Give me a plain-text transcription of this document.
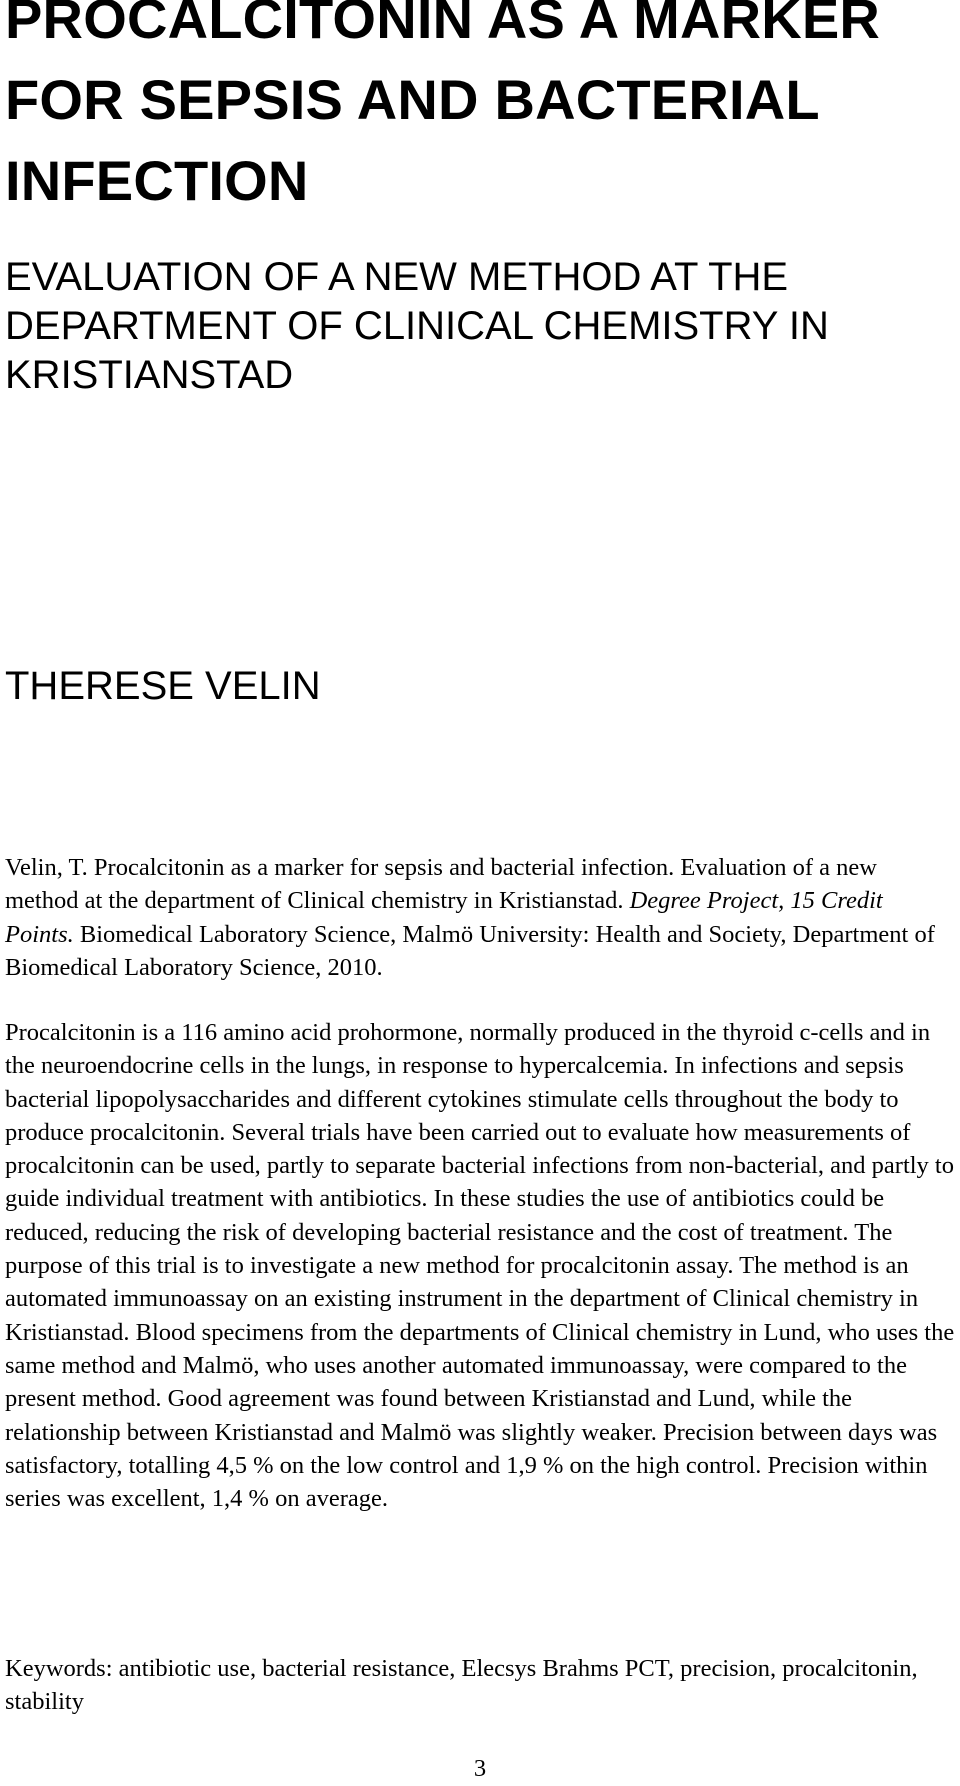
PROCALCITONIN AS A MARKER FOR SEPSIS AND BACTERIAL INFECTION
EVALUATION OF A NEW METHOD AT THE DEPARTMENT OF CLINICAL CHEMISTRY IN KRISTIANSTAD

THERESE VELIN

Velin, T. Procalcitonin as a marker for sepsis and bacterial infection. Evaluation of a new method at the department of Clinical chemistry in Kristianstad. Degree Project, 15 Credit Points. Biomedical Laboratory Science, Malmö University: Health and Society, Department of Biomedical Laboratory Science, 2010.

Procalcitonin is a 116 amino acid prohormone, normally produced in the thyroid c-cells and in the neuroendocrine cells in the lungs, in response to hypercalcemia. In infections and sepsis bacterial lipopolysaccharides and different cytokines stimulate cells throughout the body to produce procalcitonin. Several trials have been carried out to evaluate how measurements of procalcitonin can be used, partly to separate bacterial infections from non-bacterial, and partly to guide individual treatment with antibiotics. In these studies the use of antibiotics could be reduced, reducing the risk of developing bacterial resistance and the cost of treatment. The purpose of this trial is to investigate a new method for procalcitonin assay. The method is an automated immunoassay on an existing instrument in the department of Clinical chemistry in Kristianstad. Blood specimens from the departments of Clinical chemistry in Lund, who uses the same method and Malmö, who uses another automated immunoassay, were compared to the present method. Good agreement was found between Kristianstad and Lund, while the relationship between Kristianstad and Malmö was slightly weaker. Precision between days was satisfactory, totalling 4,5 % on the low control and 1,9 % on the high control. Precision within series was excellent, 1,4 % on average.

Keywords: antibiotic use, bacterial resistance, Elecsys Brahms PCT, precision, procalcitonin, stability

3
